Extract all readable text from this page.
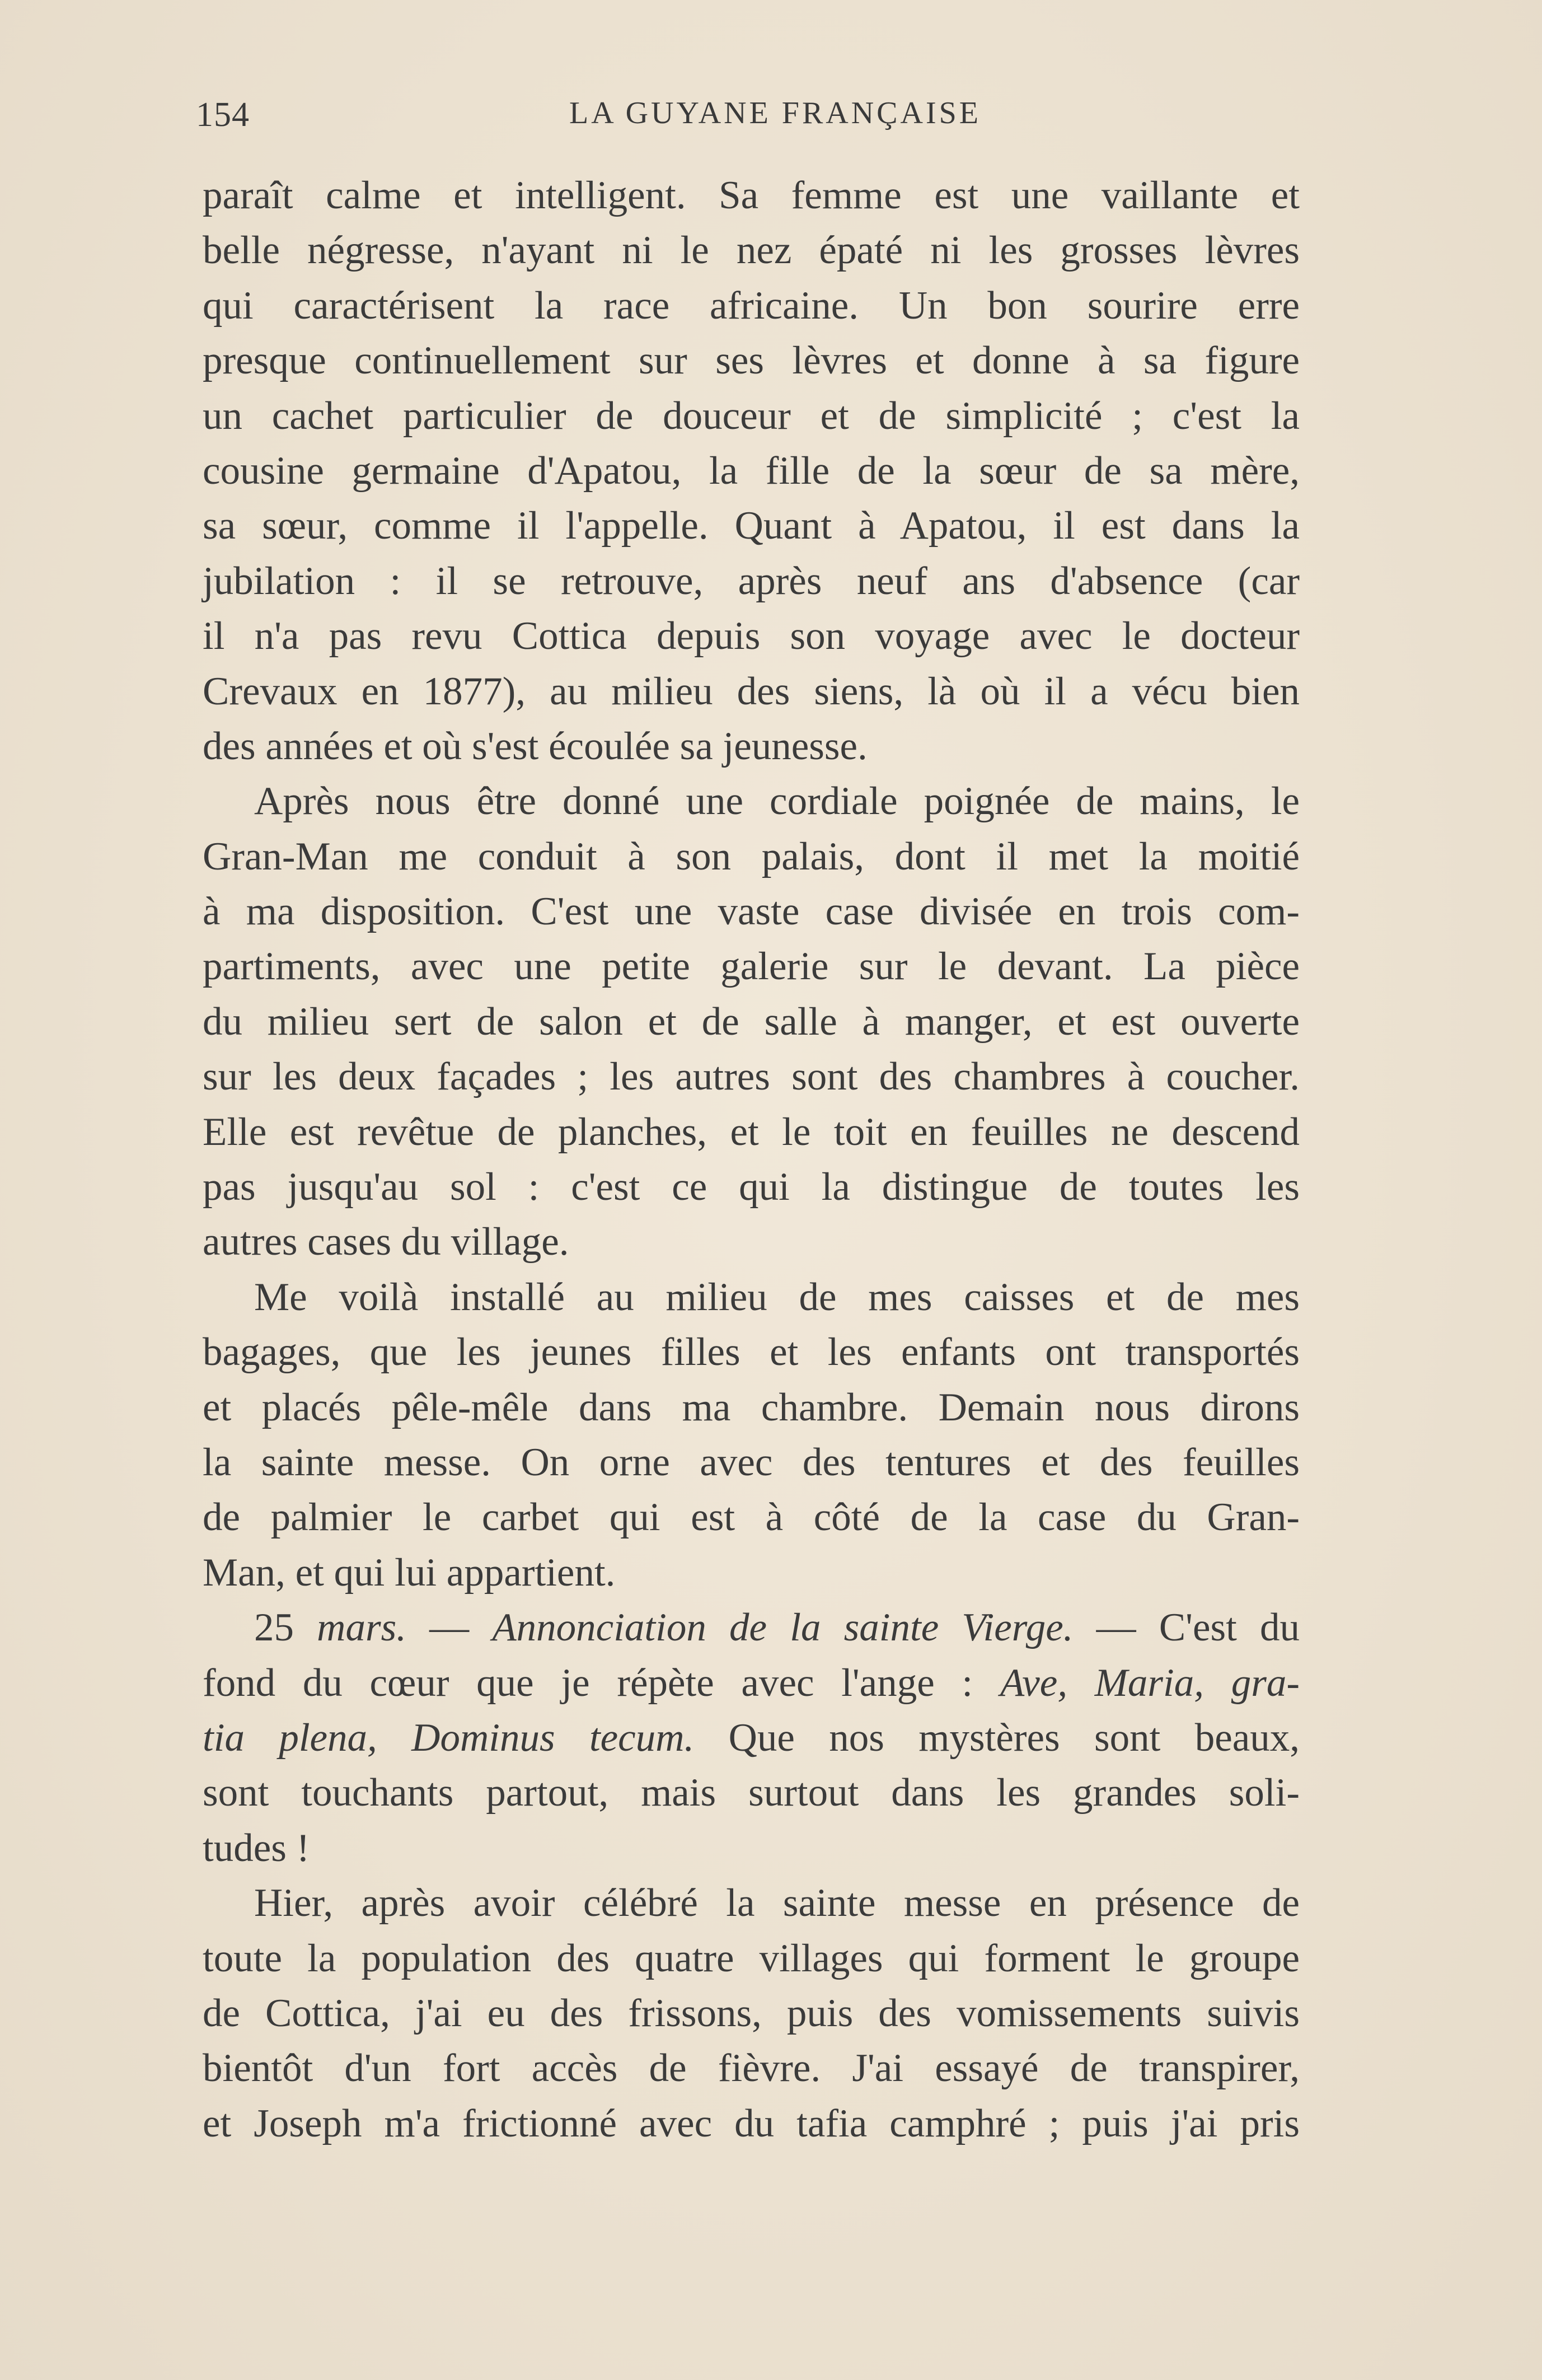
154	LA GUYANE FRANÇAISE
paraît calme et intelligent. Sa femme est une vaillante et
belle négresse, n'ayant ni le nez épaté ni les grosses lèvres
qui caractérisent la race africaine. Un bon sourire erre
presque continuellement sur ses lèvres et donne à sa figure
un cachet particulier de douceur et de simplicité ; c'est la
cousine germaine d'Apatou, la fille de la sœur de sa mère,
sa sœur, comme il l'appelle. Quant à Apatou, il est dans la
jubilation : il se retrouve, après neuf ans d'absence (car
il n'a pas revu Cottica depuis son voyage avec le docteur
Crevaux en 1877), au milieu des siens, là où il a vécu bien
des années et où s'est écoulée sa jeunesse.
Après nous être donné une cordiale poignée de mains, le
Gran-Man me conduit à son palais, dont il met la moitié
à ma disposition. C'est une vaste case divisée en trois com-
partiments, avec une petite galerie sur le devant. La pièce
du milieu sert de salon et de salle à manger, et est ouverte
sur les deux façades ; les autres sont des chambres à coucher.
Elle est revêtue de planches, et le toit en feuilles ne descend
pas jusqu'au sol : c'est ce qui la distingue de toutes les
autres cases du village.
Me voilà installé au milieu de mes caisses et de mes
bagages, que les jeunes filles et les enfants ont transportés
et placés pêle-mêle dans ma chambre. Demain nous dirons
la sainte messe. On orne avec des tentures et des feuilles
de palmier le carbet qui est à côté de la case du Gran-
Man, et qui lui appartient.
25 mars. — Annonciation de la sainte Vierge. — C'est du
fond du cœur que je répète avec l'ange : Ave, Maria, gra-
tia plena, Dominus tecum. Que nos mystères sont beaux,
sont touchants partout, mais surtout dans les grandes soli-
tudes !
Hier, après avoir célébré la sainte messe en présence de
toute la population des quatre villages qui forment le groupe
de Cottica, j'ai eu des frissons, puis des vomissements suivis
bientôt d'un fort accès de fièvre. J'ai essayé de transpirer,
et Joseph m'a frictionné avec du tafia camphré ; puis j'ai pris
